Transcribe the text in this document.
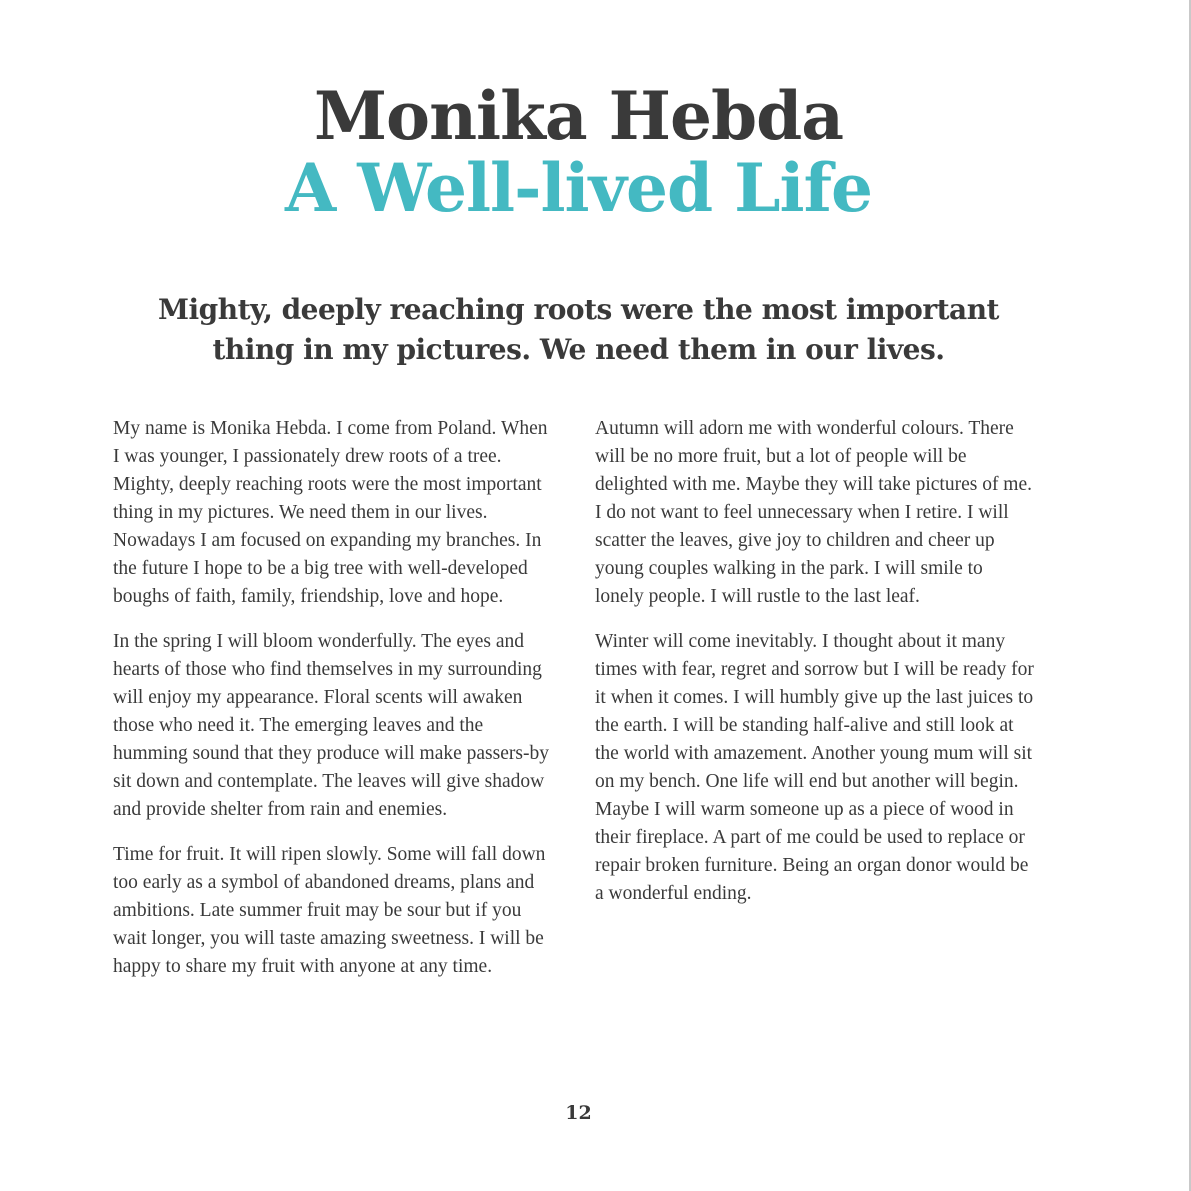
Monika Hebda
A Well-lived Life
Mighty, deeply reaching roots were the most important thing in my pictures. We need them in our lives.

My name is Monika Hebda. I come from Poland. When I was younger, I passionately drew roots of a tree. Mighty, deeply reaching roots were the most important thing in my pictures. We need them in our lives. Nowadays I am focused on expanding my branches. In the future I hope to be a big tree with well-developed boughs of faith, family, friendship, love and hope.

In the spring I will bloom wonderfully. The eyes and hearts of those who find themselves in my surrounding will enjoy my appearance. Floral scents will awaken those who need it. The emerging leaves and the humming sound that they produce will make passers-by sit down and contemplate. The leaves will give shadow and provide shelter from rain and enemies.

Time for fruit. It will ripen slowly. Some will fall down too early as a symbol of abandoned dreams, plans and ambitions. Late summer fruit may be sour but if you wait longer, you will taste amazing sweetness. I will be happy to share my fruit with anyone at any time.

Autumn will adorn me with wonderful colours. There will be no more fruit, but a lot of people will be delighted with me. Maybe they will take pictures of me. I do not want to feel unnecessary when I retire. I will scatter the leaves, give joy to children and cheer up young couples walking in the park. I will smile to lonely people. I will rustle to the last leaf.

Winter will come inevitably. I thought about it many times with fear, regret and sorrow but I will be ready for it when it comes. I will humbly give up the last juices to the earth. I will be standing half-alive and still look at the world with amazement. Another young mum will sit on my bench. One life will end but another will begin. Maybe I will warm someone up as a piece of wood in their fireplace. A part of me could be used to replace or repair broken furniture. Being an organ donor would be a wonderful ending.

12
